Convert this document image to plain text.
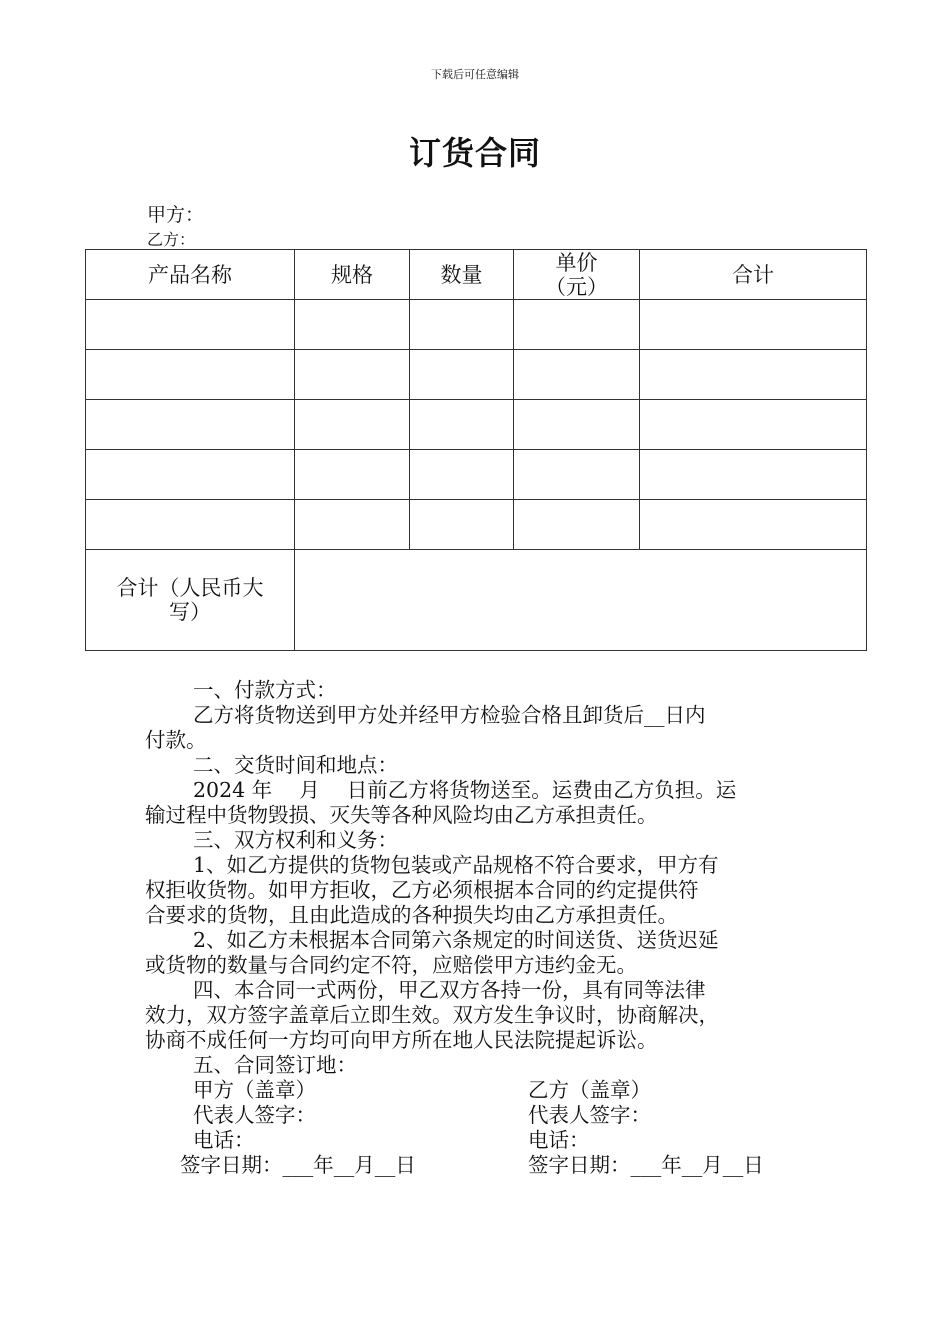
下载后可任意编辑
订货合同
甲方：
乙方：
产品名称	规格	数量	单价（元）	合计

合计（人民币大写）				

一、付款方式：

乙方将货物送到甲方处并经甲方检验合格且卸货后__日内

付款。

二、交货时间和地点：

2024 年　 月　 日前乙方将货物送至。运费由乙方负担。运

输过程中货物毁损、灭失等各种风险均由乙方承担责任。

三、双方权利和义务：

1、如乙方提供的货物包装或产品规格不符合要求，甲方有

权拒收货物。如甲方拒收，乙方必须根据本合同的约定提供符

合要求的货物，且由此造成的各种损失均由乙方承担责任。

2、如乙方未根据本合同第六条规定的时间送货、送货迟延

或货物的数量与合同约定不符，应赔偿甲方违约金无。

四、本合同一式两份，甲乙双方各持一份，具有同等法律

效力，双方签字盖章后立即生效。双方发生争议时，协商解决，

协商不成任何一方均可向甲方所在地人民法院提起诉讼。

五、合同签订地：

甲方（盖章）
代表人签字：
电话：
签字日期：___年__月__日
乙方（盖章）
代表人签字：
电话：
签字日期：___年__月__日
